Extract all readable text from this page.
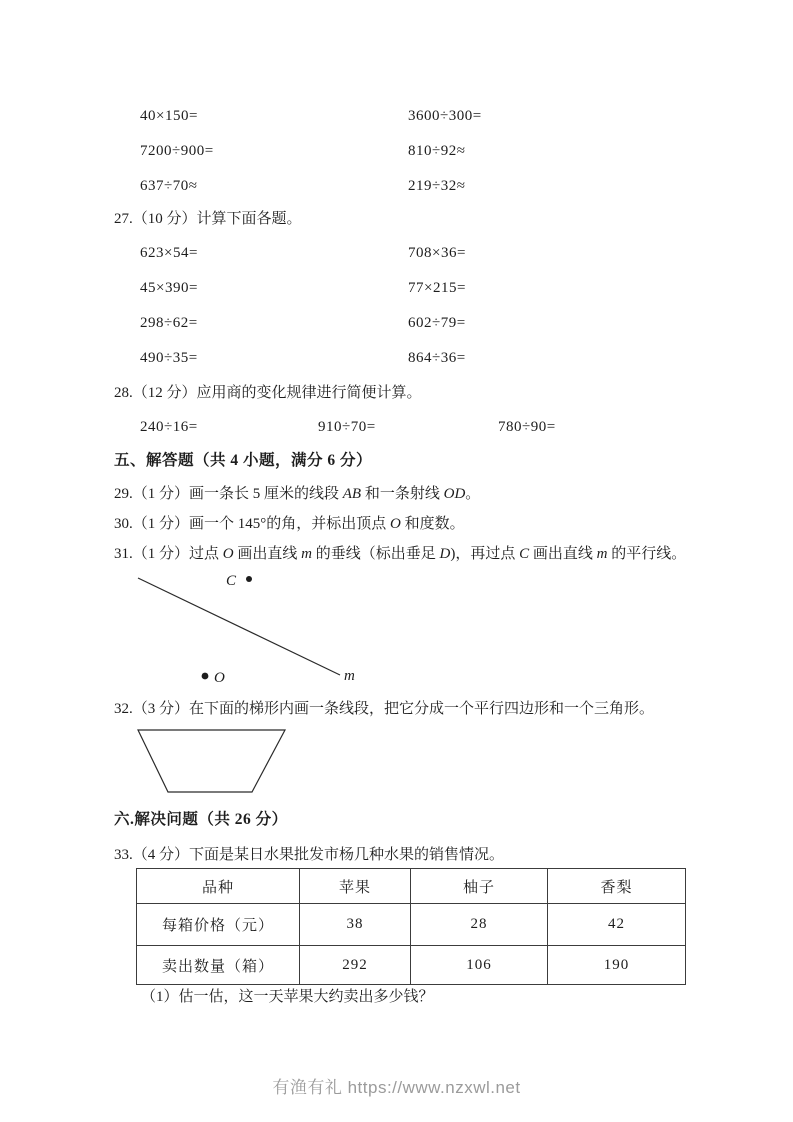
40×150=	3600÷300=
7200÷900=	810÷92≈
637÷70≈	219÷32≈
27.（10 分）计算下面各题。
623×54=	708×36=
45×390=	77×215=
298÷62=	602÷79=
490÷35=	864÷36=
28.（12 分）应用商的变化规律进行简便计算。
240÷16=	910÷70=	780÷90=
五、解答题（共 4 小题，满分 6 分）
29.（1 分）画一条长 5 厘米的线段 AB 和一条射线 OD。
30.（1 分）画一个 145°的角，并标出顶点 O 和度数。
31.（1 分）过点 O 画出直线 m 的垂线（标出垂足 D)，再过点 C 画出直线 m 的平行线。
C
O	m
32.（3 分）在下面的梯形内画一条线段，把它分成一个平行四边形和一个三角形。
六.解决问题（共 26 分）
33.（4 分）下面是某日水果批发市杨几种水果的销售情况。
品种	苹果	柚子	香梨
每箱价格（元）	38	28	42
卖出数量（箱）	292	106	190
（1）估一估，这一天苹果大约卖出多少钱？
有渔有礼 https://www.nzxwl.net
